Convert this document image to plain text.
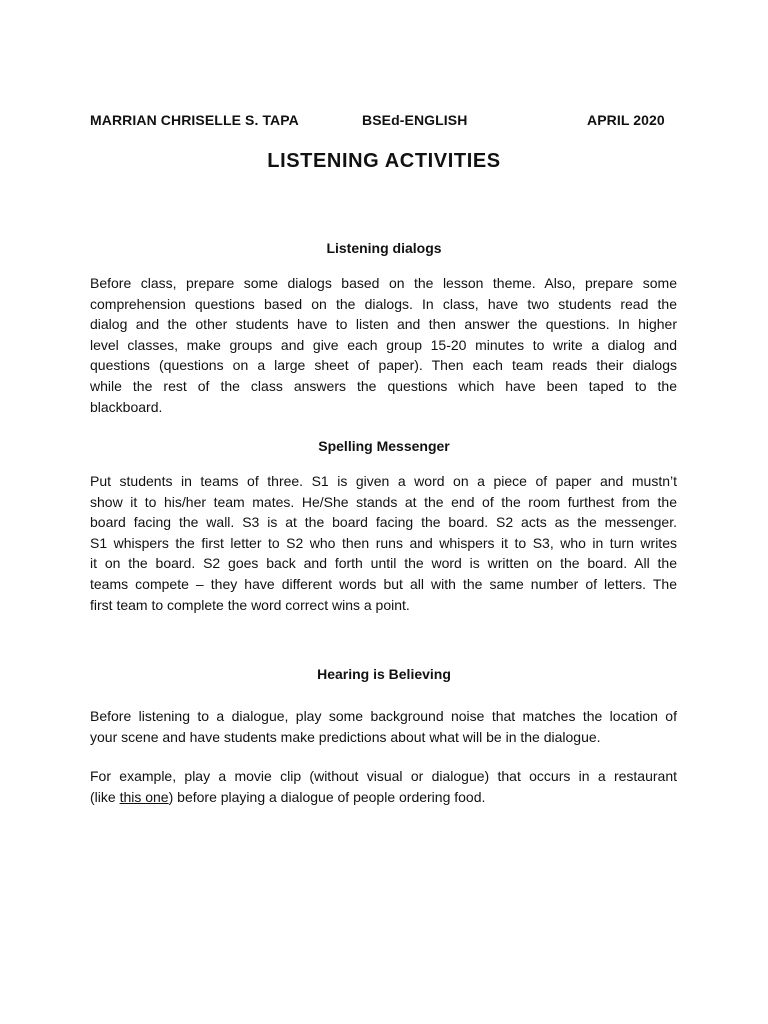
MARRIAN CHRISELLE S. TAPA	BSEd-ENGLISH	APRIL 2020
LISTENING ACTIVITIES
Listening dialogs

Before class, prepare some dialogs based on the lesson theme. Also, prepare some
comprehension questions based on the dialogs. In class, have two students read the
dialog and the other students have to listen and then answer the questions. In higher
level classes, make groups and give each group 15-20 minutes to write a dialog and
questions (questions on a large sheet of paper). Then each team reads their dialogs
while the rest of the class answers the questions which have been taped to the
blackboard.

Spelling Messenger

Put students in teams of three. S1 is given a word on a piece of paper and mustn’t
show it to his/her team mates. He/She stands at the end of the room furthest from the
board facing the wall. S3 is at the board facing the board. S2 acts as the messenger.
S1 whispers the first letter to S2 who then runs and whispers it to S3, who in turn writes
it on the board. S2 goes back and forth until the word is written on the board. All the
teams compete – they have different words but all with the same number of letters. The
first team to complete the word correct wins a point.

Hearing is Believing

Before listening to a dialogue, play some background noise that matches the location of
your scene and have students make predictions about what will be in the dialogue.

For example, play a movie clip (without visual or dialogue) that occurs in a restaurant
(like this one) before playing a dialogue of people ordering food.
